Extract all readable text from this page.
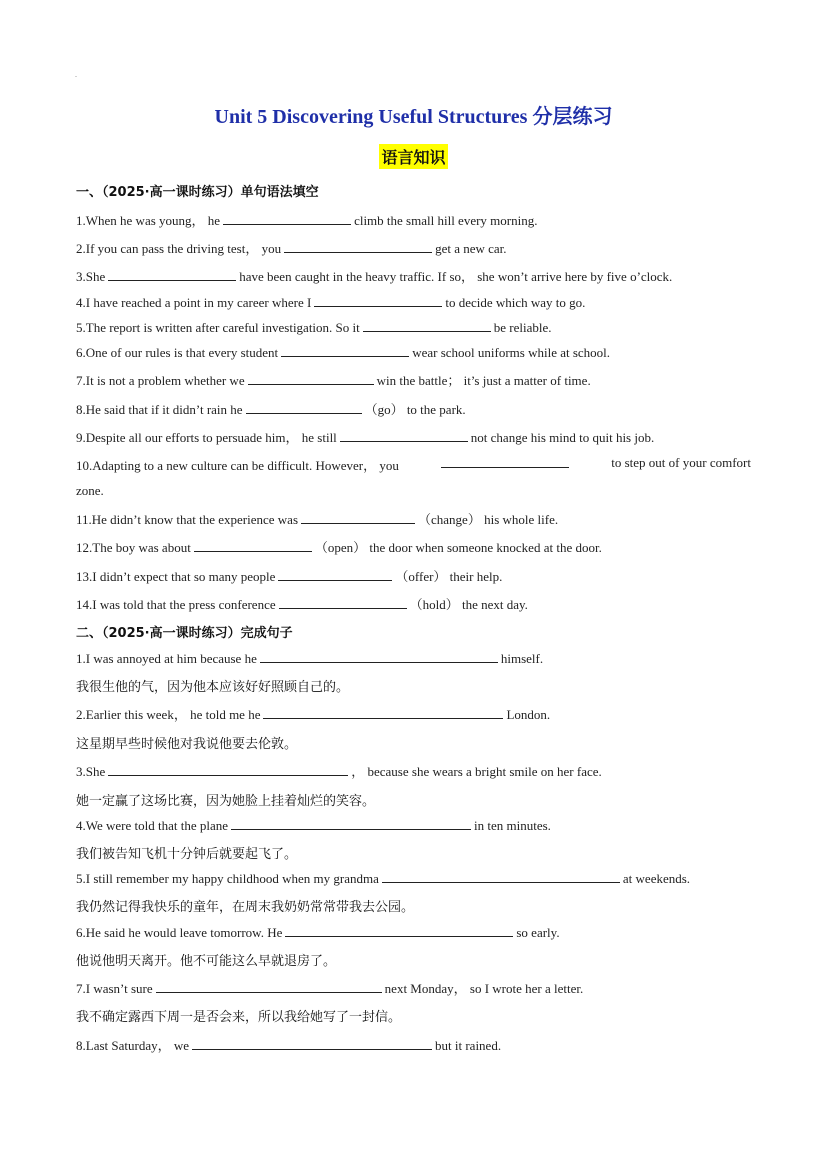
.
Unit 5 Discovering Useful Structures 分层练习
语言知识
一、（2025·高一课时练习）单句语法填空
1.When he was young， he	climb the small hill every morning.
2.If you can pass the driving test， you	get a new car.
3.She	have been caught in the heavy traffic. If so， she won’t arrive here by five o’clock.
4.I have reached a point in my career where I	to decide which way to go.
5.The report is written after careful investigation. So it	be reliable.
6.One of our rules is that every student	wear school uniforms while at school.
7.It is not a problem whether we	win the battle； it’s just a matter of time.
8.He said that if it didn’t rain he	（go） to the park.
9.Despite all our efforts to persuade him， he still	not change his mind to quit his job.
10.Adapting to a new culture can be difficult. However， you	to step out of your comfort
zone.
11.He didn’t know that the experience was	（change） his whole life.
12.The boy was about	（open） the door when someone knocked at the door.
13.I didn’t expect that so many people	（offer） their help.
14.I was told that the press conference	（hold） the next day.
二、（2025·高一课时练习）完成句子
1.I was annoyed at him because he	himself.
我很生他的气，因为他本应该好好照顾自己的。
2.Earlier this week， he told me he	London.
这星期早些时候他对我说他要去伦敦。
3.She	， because she wears a bright smile on her face.
她一定赢了这场比赛，因为她脸上挂着灿烂的笑容。
4.We were told that the plane	in ten minutes.
我们被告知飞机十分钟后就要起飞了。
5.I still remember my happy childhood when my grandma	at weekends.
我仍然记得我快乐的童年，在周末我奶奶常常带我去公园。
6.He said he would leave tomorrow. He	so early.
他说他明天离开。他不可能这么早就退房了。
7.I wasn’t sure	next Monday， so I wrote her a letter.
我不确定露西下周一是否会来，所以我给她写了一封信。
8.Last Saturday， we	but it rained.
